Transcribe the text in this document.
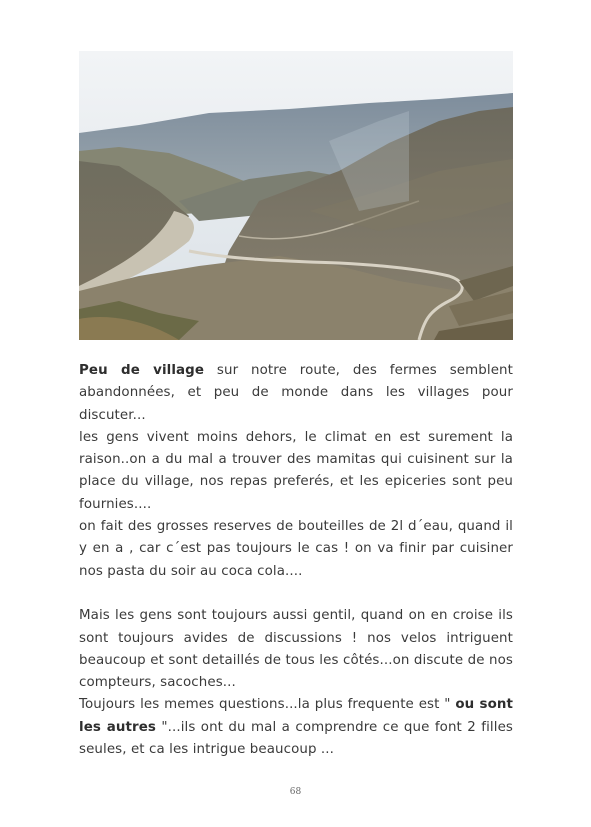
Peu de village sur notre route, des fermes semblent abandonnées, et peu de monde dans les villages pour discuter...

les gens vivent moins dehors, le climat en est surement la raison..on a du mal a trouver des mamitas qui cuisinent sur la place du village, nos repas preferés, et les epiceries sont peu fournies....

on fait des grosses reserves de bouteilles de 2l d´eau, quand il y en a , car c´est pas toujours le cas ! on va finir par cuisiner nos pasta du soir au coca cola....

Mais les gens sont toujours aussi gentil, quand on en croise ils sont toujours avides de discussions ! nos velos intriguent beaucoup et sont detaillés de tous les côtés...on discute de nos compteurs, sacoches...

Toujours les memes questions...la plus frequente est " ou sont les autres "...ils ont du mal a comprendre ce que font 2 filles seules, et ca les intrigue beaucoup ...

68
